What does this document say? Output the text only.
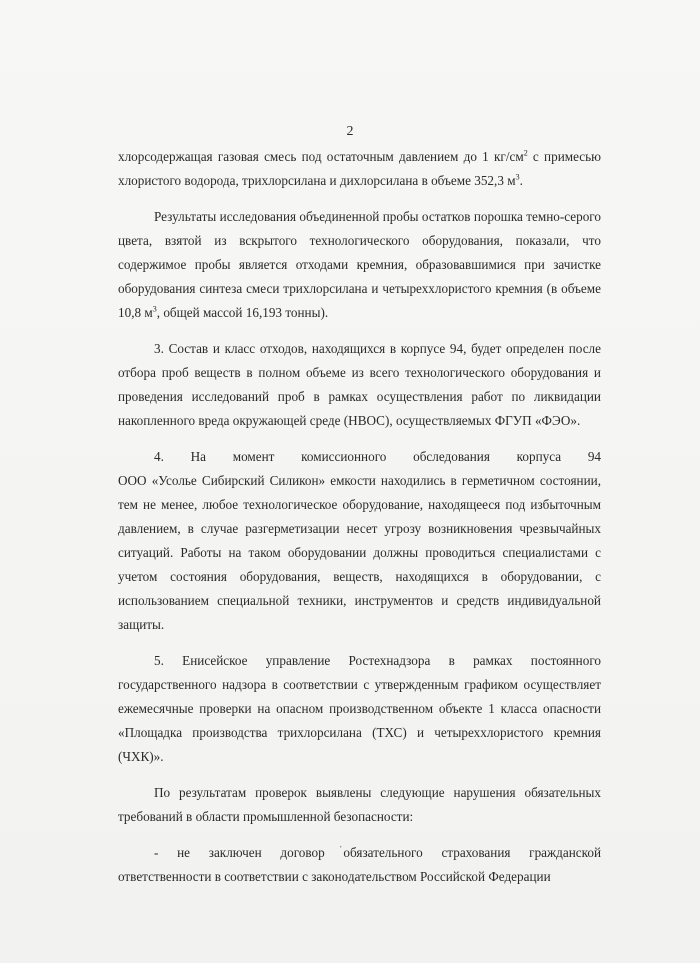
2

хлорсодержащая газовая смесь под остаточным давлением до 1 $кг/см^2$ с примесью хлористого водорода, трихлорсилана и дихлорсилана в объеме 352,3 $м^3$.

Результаты исследования объединенной пробы остатков порошка темно-серого цвета, взятой из вскрытого технологического оборудования, показали, что содержимое пробы является отходами кремния, образовавшимися при зачистке оборудования синтеза смеси трихлорсилана и четыреххлористого кремния (в объеме 10,8 $м^3$, общей массой 16,193 тонны).

3. Состав и класс отходов, находящихся в корпусе 94, будет определен после отбора проб веществ в полном объеме из всего технологического оборудования и проведения исследований проб в рамках осуществления работ по ликвидации накопленного вреда окружающей среде (НВОС), осуществляемых ФГУП «ФЭО».

4. На момент комиссионного обследования корпуса 94
ООО «Усолье Сибирский Силикон» емкости находились в герметичном состоянии, тем не менее, любое технологическое оборудование, находящееся под избыточным давлением, в случае разгерметизации несет угрозу возникновения чрезвычайных ситуаций. Работы на таком оборудовании должны проводиться специалистами с учетом состояния оборудования, веществ, находящихся в оборудовании, с использованием специальной техники, инструментов и средств индивидуальной защиты.

5. Енисейское управление Ростехнадзора в рамках постоянного государственного надзора в соответствии с утвержденным графиком осуществляет ежемесячные проверки на опасном производственном объекте 1 класса опасности «Площадка производства трихлорсилана (ТХС) и четыреххлористого кремния (ЧХК)».

По результатам проверок выявлены следующие нарушения обязательных требований в области промышленной безопасности:

- не заключен договор обязательного страхования гражданской ответственности в соответствии с законодательством Российской Федерации

ˌ
